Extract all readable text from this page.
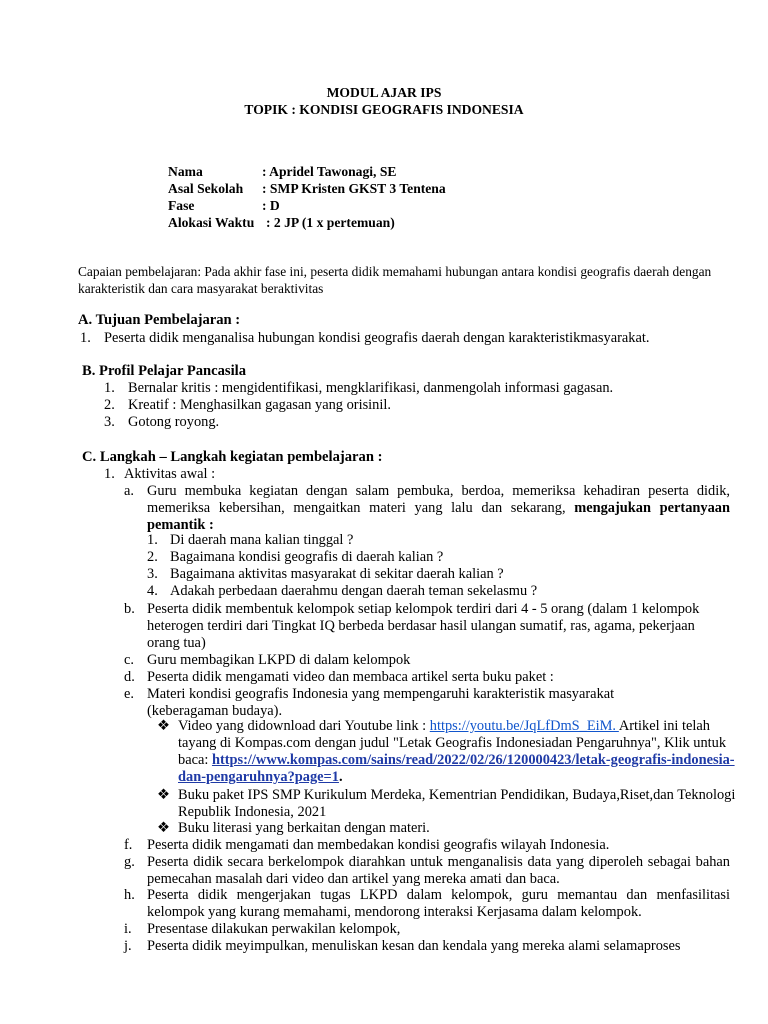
MODUL AJAR IPS
TOPIK : KONDISI GEOGRAFIS INDONESIA
Nama	: Apridel Tawonagi, SE
Asal Sekolah : SMP Kristen GKST 3 Tentena
Fase	: D
Alokasi Waktu : 2 JP (1 x pertemuan)
Capaian pembelajaran: Pada akhir fase ini, peserta didik memahami hubungan antara kondisi geografis daerah dengan karakteristik dan cara masyarakat beraktivitas
A. Tujuan Pembelajaran :
1. Peserta didik menganalisa hubungan kondisi geografis daerah dengan karakteristikmasyarakat.
B. Profil Pelajar Pancasila
1. Bernalar kritis : mengidentifikasi, mengklarifikasi, danmengolah informasi gagasan.
2. Kreatif : Menghasilkan gagasan yang orisinil.
3. Gotong royong.
C. Langkah – Langkah kegiatan pembelajaran :
1. Aktivitas awal :
a. Guru membuka kegiatan dengan salam pembuka, berdoa, memeriksa kehadiran peserta didik, memeriksa kebersihan, mengaitkan materi yang lalu dan sekarang, mengajukan pertanyaan pemantik :
1. Di daerah mana kalian tinggal ?
2. Bagaimana kondisi geografis di daerah kalian ?
3. Bagaimana aktivitas masyarakat di sekitar daerah kalian ?
4. Adakah perbedaan daerahmu dengan daerah teman sekelasmu ?
b. Peserta didik membentuk kelompok setiap kelompok terdiri dari 4 - 5 orang (dalam 1 kelompok heterogen terdiri dari Tingkat IQ berbeda berdasar hasil ulangan sumatif, ras, agama, pekerjaan orang tua)
c. Guru membagikan LKPD di dalam kelompok
d. Peserta didik mengamati video dan membaca artikel serta buku paket :
e. Materi kondisi geografis Indonesia yang mempengaruhi karakteristik masyarakat (keberagaman budaya).
❖ Video yang didownload dari Youtube link : https://youtu.be/JqLfDmS_EiM. Artikel ini telah tayang di Kompas.com dengan judul "Letak Geografis Indonesiadan Pengaruhnya", Klik untuk baca: https://www.kompas.com/sains/read/2022/02/26/120000423/letak-geografis-indonesia-dan-pengaruhnya?page=1.
❖ Buku paket IPS SMP Kurikulum Merdeka, Kementrian Pendidikan, Budaya,Riset,dan Teknologi Republik Indonesia, 2021
❖ Buku literasi yang berkaitan dengan materi.
f. Peserta didik mengamati dan membedakan kondisi geografis wilayah Indonesia.
g. Peserta didik secara berkelompok diarahkan untuk menganalisis data yang diperoleh sebagai bahan pemecahan masalah dari video dan artikel yang mereka amati dan baca.
h. Peserta didik mengerjakan tugas LKPD dalam kelompok, guru memantau dan menfasilitasi kelompok yang kurang memahami, mendorong interaksi Kerjasama dalam kelompok.
i. Presentase dilakukan perwakilan kelompok,
j. Peserta didik meyimpulkan, menuliskan kesan dan kendala yang mereka alami selamaproses
